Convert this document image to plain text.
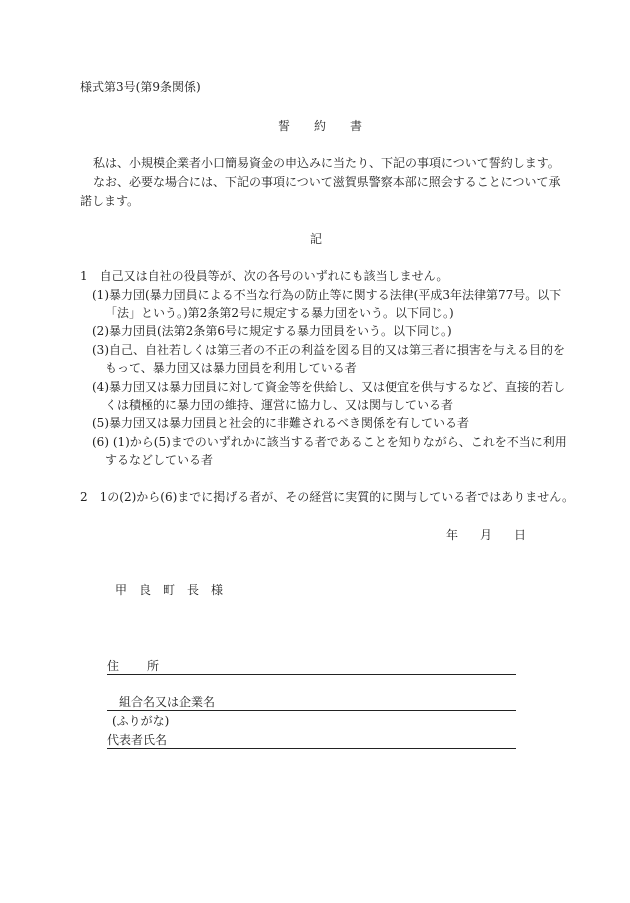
様式第3号(第9条関係)
誓約書
私は、小規模企業者小口簡易資金の申込みに当たり、下記の事項について誓約します。
なお、必要な場合には、下記の事項について滋賀県警察本部に照会することについて承
諾します。
記
1　自己又は自社の役員等が、次の各号のいずれにも該当しません。
(1)暴力団(暴力団員による不当な行為の防止等に関する法律(平成3年法律第77号。以下
「法」という。)第2条第2号に規定する暴力団をいう。以下同じ。)
(2)暴力団員(法第2条第6号に規定する暴力団員をいう。以下同じ。)
(3)自己、自社若しくは第三者の不正の利益を図る目的又は第三者に損害を与える目的を
もって、暴力団又は暴力団員を利用している者
(4)暴力団又は暴力団員に対して資金等を供給し、又は便宜を供与するなど、直接的若し
くは積極的に暴力団の維持、運営に協力し、又は関与している者
(5)暴力団又は暴力団員と社会的に非難されるべき関係を有している者
(6) (1)から(5)までのいずれかに該当する者であることを知りながら、これを不当に利用
するなどしている者
2　1の(2)から(6)までに掲げる者が、その経営に実質的に関与している者ではありません。
年 月 日
甲良町長様
住所
組合名又は企業名
(ふりがな)
代表者氏名
